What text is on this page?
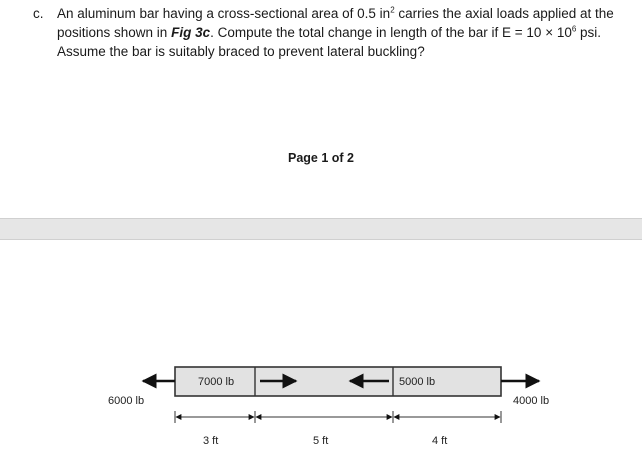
c. An aluminum bar having a cross-sectional area of 0.5 $in^2$ carries the axial loads applied at the positions shown in Fig 3c. Compute the total change in length of the bar if $E = 10 \times 10^6$ psi. Assume the bar is suitably braced to prevent lateral buckling?
Page 1 of 2
6000 lb
7000 lb	5000 lb
4000 lb
3 ft	5 ft	4 ft
